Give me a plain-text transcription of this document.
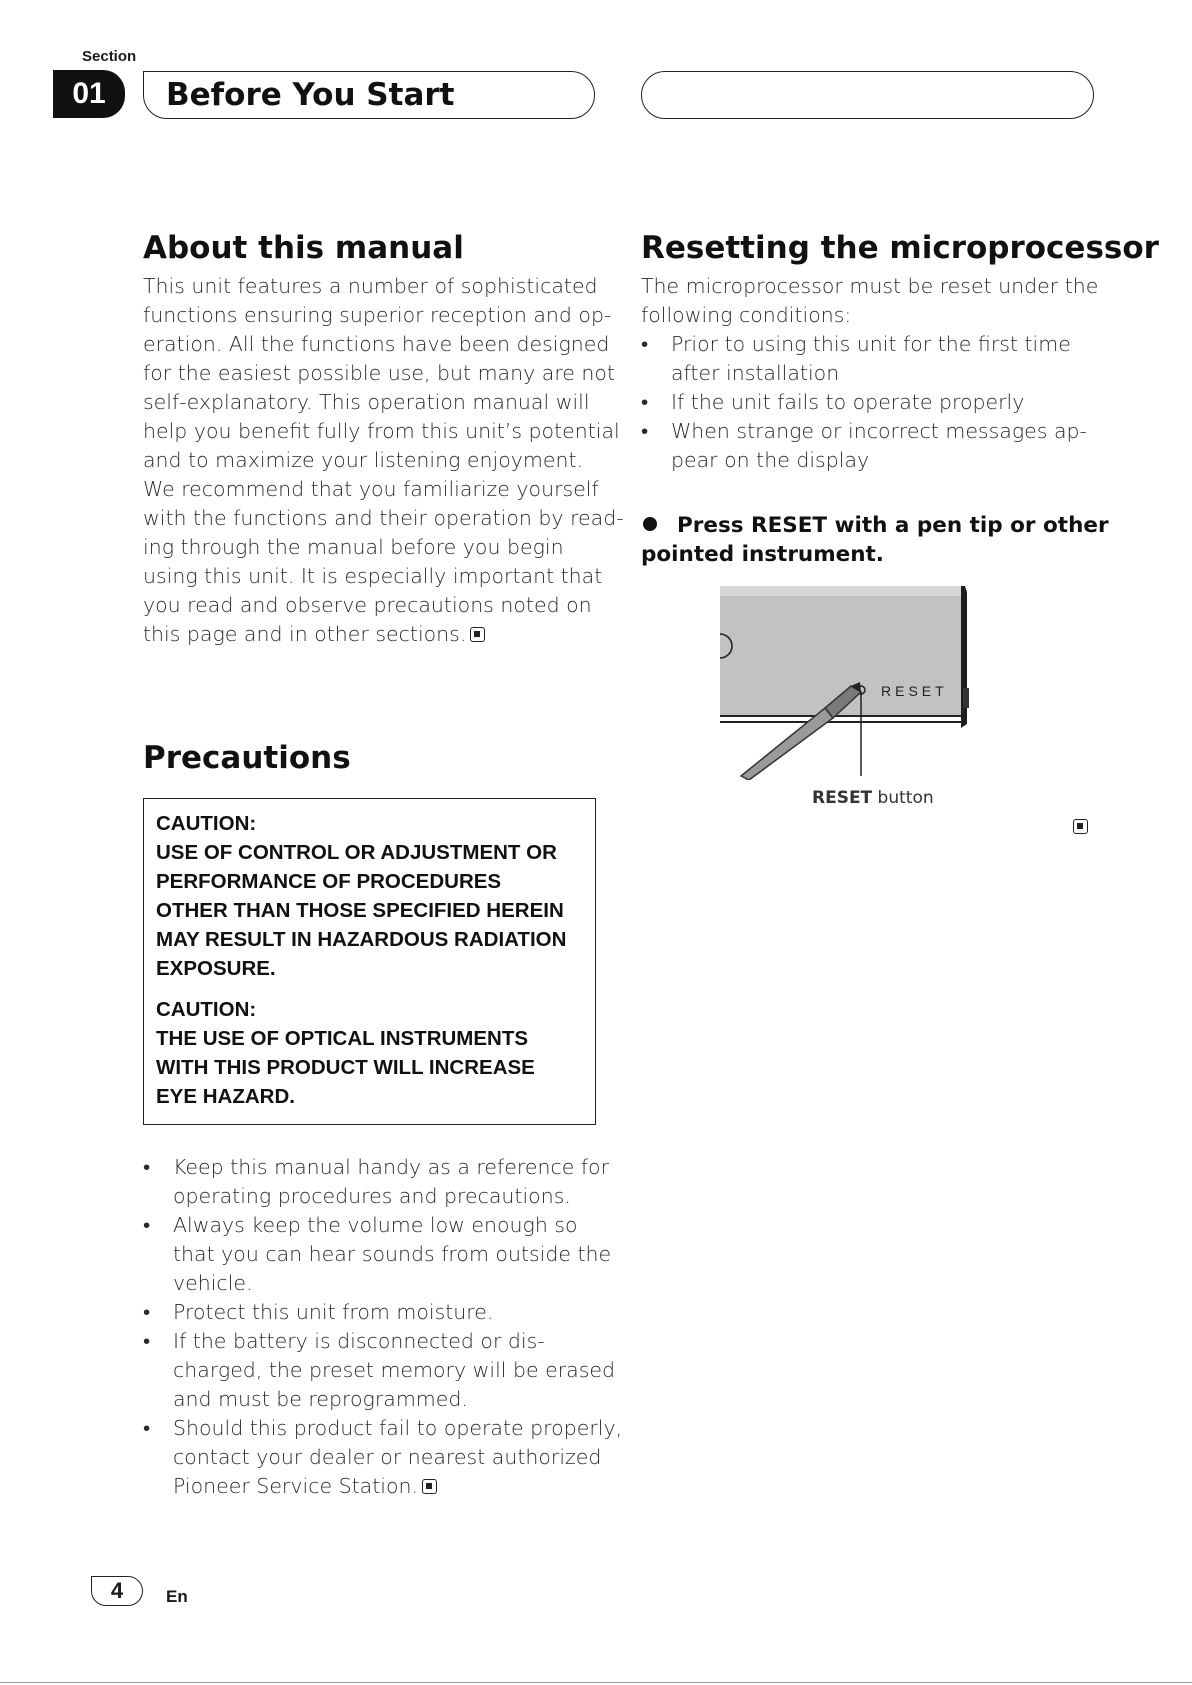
Section
01	Before You Start
About this manual
This unit features a number of sophisticated
functions ensuring superior reception and op-
eration. All the functions have been designed
for the easiest possible use, but many are not
self-explanatory. This operation manual will
help you benefit fully from this unit’s potential
and to maximize your listening enjoyment.
We recommend that you familiarize yourself
with the functions and their operation by read-
ing through the manual before you begin
using this unit. It is especially important that
you read and observe precautions noted on
this page and in other sections.
Precautions
CAUTION:
USE OF CONTROL OR ADJUSTMENT OR
PERFORMANCE OF PROCEDURES
OTHER THAN THOSE SPECIFIED HEREIN
MAY RESULT IN HAZARDOUS RADIATION
EXPOSURE.
CAUTION:
THE USE OF OPTICAL INSTRUMENTS
WITH THIS PRODUCT WILL INCREASE
EYE HAZARD.
• Keep this manual handy as a reference for
operating procedures and precautions.
• Always keep the volume low enough so
that you can hear sounds from outside the
vehicle.
• Protect this unit from moisture.
• If the battery is disconnected or dis-
charged, the preset memory will be erased
and must be reprogrammed.
• Should this product fail to operate properly,
contact your dealer or nearest authorized
Pioneer Service Station.
Resetting the microprocessor
The microprocessor must be reset under the
following conditions:
• Prior to using this unit for the first time
after installation
• If the unit fails to operate properly
• When strange or incorrect messages ap-
pear on the display
Press RESET with a pen tip or other
pointed instrument.
RESET
RESET button
4	En
